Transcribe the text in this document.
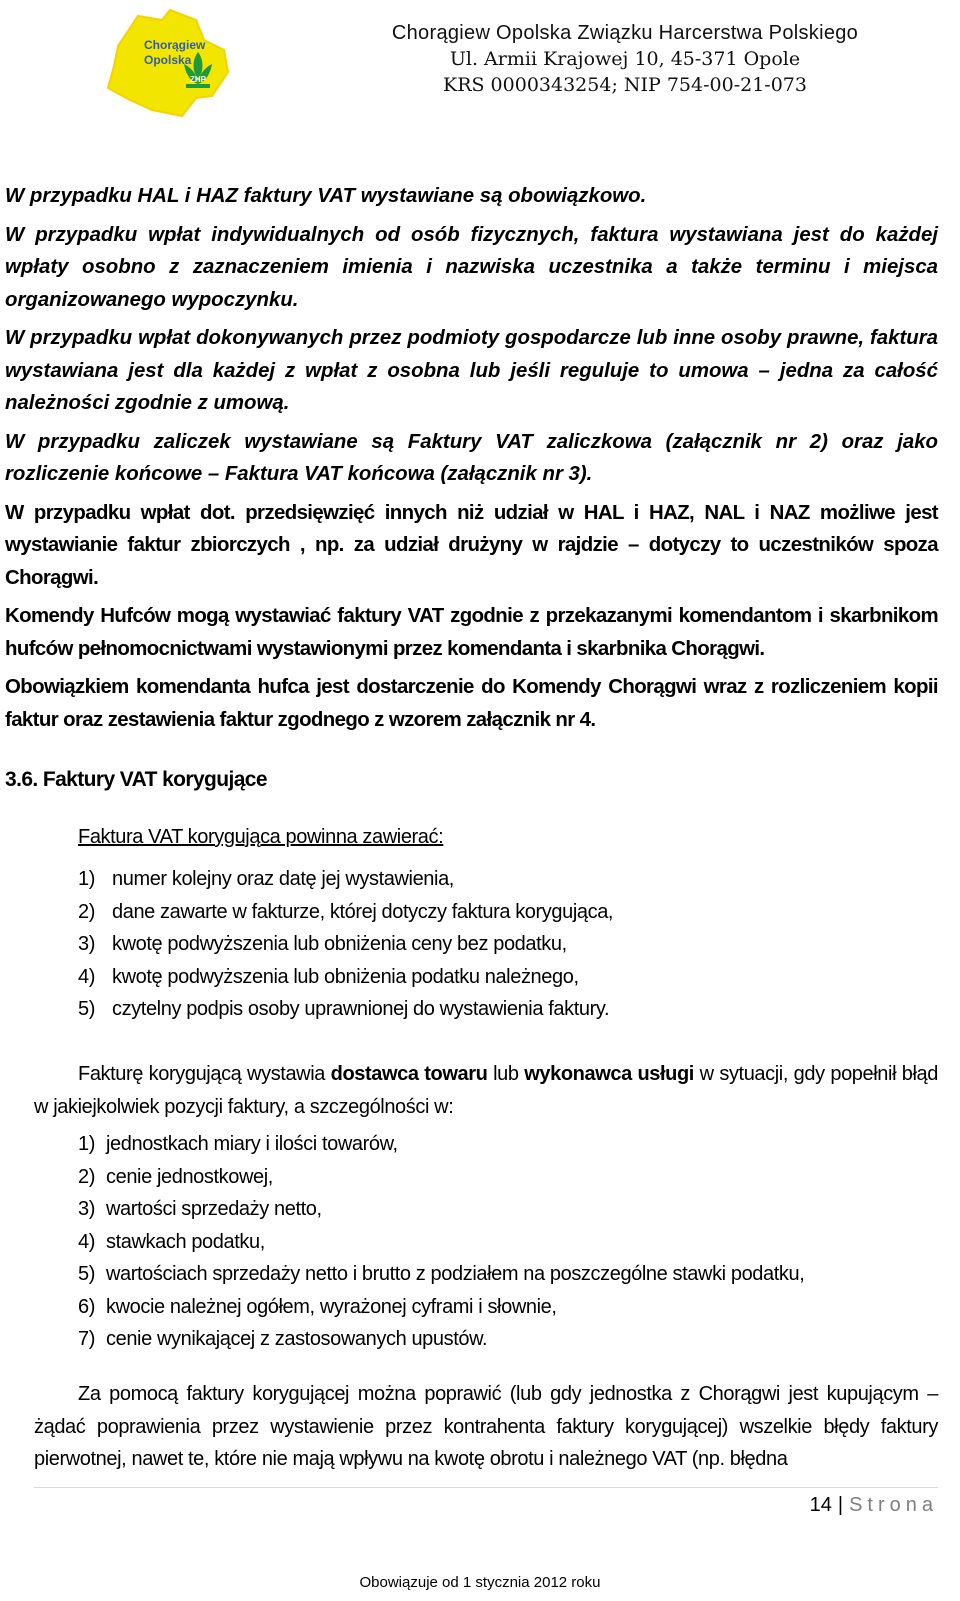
Chorągiew
Opolska
ZHP
Chorągiew Opolska Związku Harcerstwa Polskiego
Ul. Armii Krajowej 10, 45-371 Opole
KRS 0000343254; NIP 754-00-21-073

W przypadku HAL i HAZ faktury VAT wystawiane są obowiązkowo.

W przypadku wpłat indywidualnych od osób fizycznych, faktura wystawiana jest do każdej wpłaty osobno z zaznaczeniem imienia i nazwiska uczestnika a także terminu i miejsca organizowanego wypoczynku.

W przypadku wpłat dokonywanych przez podmioty gospodarcze lub inne osoby prawne, faktura wystawiana jest dla każdej z wpłat z osobna lub jeśli reguluje to umowa – jedna za całość należności zgodnie z umową.

W przypadku zaliczek wystawiane są Faktury VAT zaliczkowa (załącznik nr 2) oraz jako rozliczenie końcowe – Faktura VAT końcowa (załącznik nr 3).

W przypadku wpłat dot. przedsięwzięć innych niż udział w HAL i HAZ, NAL i NAZ możliwe jest wystawianie faktur zbiorczych , np. za udział drużyny w rajdzie – dotyczy to uczestników spoza Chorągwi.

Komendy Hufców mogą wystawiać faktury VAT zgodnie z przekazanymi komendantom i skarbnikom hufców pełnomocnictwami wystawionymi przez komendanta i skarbnika Chorągwi.

Obowiązkiem komendanta hufca jest dostarczenie do Komendy Chorągwi wraz z rozliczeniem kopii faktur oraz zestawienia faktur zgodnego z wzorem załącznik nr 4.

3.6. Faktury VAT korygujące
Faktura VAT korygująca powinna zawierać:
1) numer kolejny oraz datę jej wystawienia,
2) dane zawarte w fakturze, której dotyczy faktura korygująca,
3) kwotę podwyższenia lub obniżenia ceny bez podatku,
4) kwotę podwyższenia lub obniżenia podatku należnego,
5) czytelny podpis osoby uprawnionej do wystawienia faktury.

Fakturę korygującą wystawia dostawca towaru lub wykonawca usługi w sytuacji, gdy popełnił błąd w jakiejkolwiek pozycji faktury, a szczególności w:

1) jednostkach miary i ilości towarów,
2) cenie jednostkowej,
3) wartości sprzedaży netto,
4) stawkach podatku,
5) wartościach sprzedaży netto i brutto z podziałem na poszczególne stawki podatku,
6) kwocie należnej ogółem, wyrażonej cyframi i słownie,
7) cenie wynikającej z zastosowanych upustów.

Za pomocą faktury korygującej można poprawić (lub gdy jednostka z Chorągwi jest kupującym – żądać poprawienia przez wystawienie przez kontrahenta faktury korygującej) wszelkie błędy faktury pierwotnej, nawet te, które nie mają wpływu na kwotę obrotu i należnego VAT (np. błędna

14 | Strona
Obowiązuje od 1 stycznia 2012 roku
